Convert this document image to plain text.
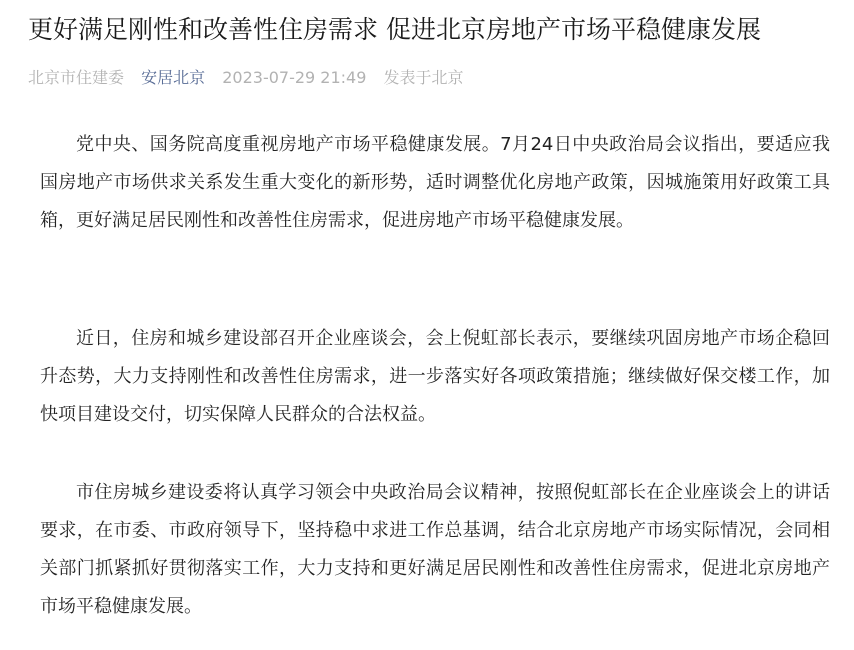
更好满足刚性和改善性住房需求 促进北京房地产市场平稳健康发展
北京市住建委 安居北京 2023-07-29 21:49 发表于北京

党中央、国务院高度重视房地产市场平稳健康发展。7月24日中央政治局会议指出，要适应我国房地产市场供求关系发生重大变化的新形势，适时调整优化房地产政策，因城施策用好政策工具箱，更好满足居民刚性和改善性住房需求，促进房地产市场平稳健康发展。

近日，住房和城乡建设部召开企业座谈会，会上倪虹部长表示，要继续巩固房地产市场企稳回升态势，大力支持刚性和改善性住房需求，进一步落实好各项政策措施；继续做好保交楼工作，加快项目建设交付，切实保障人民群众的合法权益。

市住房城乡建设委将认真学习领会中央政治局会议精神，按照倪虹部长在企业座谈会上的讲话要求，在市委、市政府领导下，坚持稳中求进工作总基调，结合北京房地产市场实际情况，会同相关部门抓紧抓好贯彻落实工作，大力支持和更好满足居民刚性和改善性住房需求，促进北京房地产市场平稳健康发展。
